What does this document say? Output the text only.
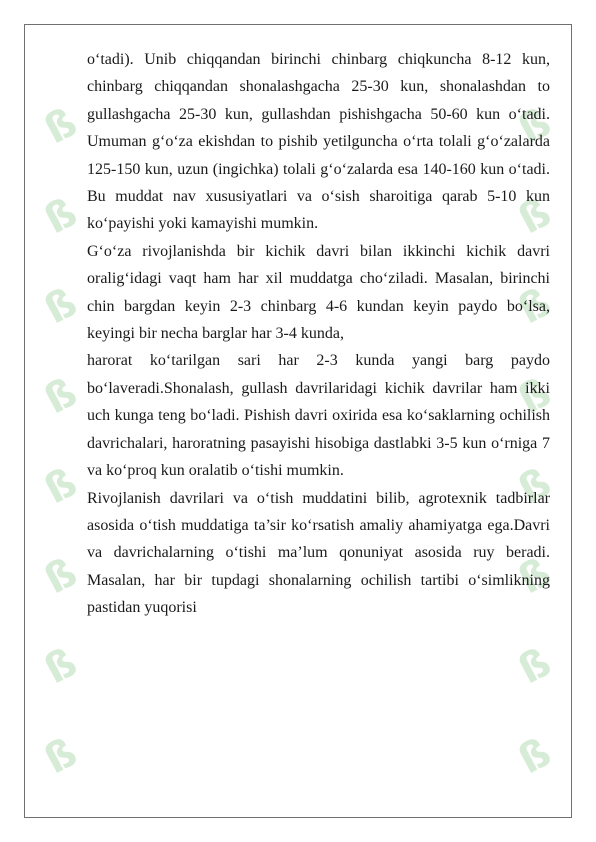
ß
ß
ß
ß
ß
ß
ß
ß
ß
ß
ß
ß
ß
ß
ß
ß

o‘tadi). Unib chiqqandan birinchi chinbarg chiqkuncha 8-12 kun, chinbarg chiqqandan shonalashgacha 25-30 kun, shonalashdan to gullashgacha 25-30 kun, gullashdan pishishgacha 50-60 kun o‘tadi. Umuman g‘o‘za ekishdan to pishib yetilguncha o‘rta tolali g‘o‘zalarda 125-150 kun, uzun (ingichka) tolali g‘o‘zalarda esa 140-160 kun o‘tadi. Bu muddat nav xususiyatlari va o‘sish sharoitiga qarab 5-10 kun ko‘payishi yoki kamayishi mumkin.

G‘o‘za rivojlanishda bir kichik davri bilan ikkinchi kichik davri oralig‘idagi vaqt ham har xil muddatga cho‘ziladi. Masalan, birinchi chin bargdan keyin 2-3 chinbarg 4-6 kundan keyin paydo bo‘lsa, keyingi bir necha barglar har 3-4 kunda,

harorat ko‘tarilgan sari har 2-3 kunda yangi barg paydo bo‘laveradi.Shonalash, gullash davrilaridagi kichik davrilar ham ikki uch kunga teng bo‘ladi. Pishish davri oxirida esa ko‘saklarning ochilish davrichalari, haroratning pasayishi hisobiga dastlabki 3-5 kun o‘rniga 7 va ko‘proq kun oralatib o‘tishi mumkin.

Rivojlanish davrilari va o‘tish muddatini bilib, agrotexnik tadbirlar asosida o‘tish muddatiga ta’sir ko‘rsatish amaliy ahamiyatga ega.Davri va davrichalarning o‘tishi ma’lum qonuniyat asosida ruy beradi. Masalan, har bir tupdagi shonalarning ochilish tartibi o‘simlikning pastidan yuqorisi
